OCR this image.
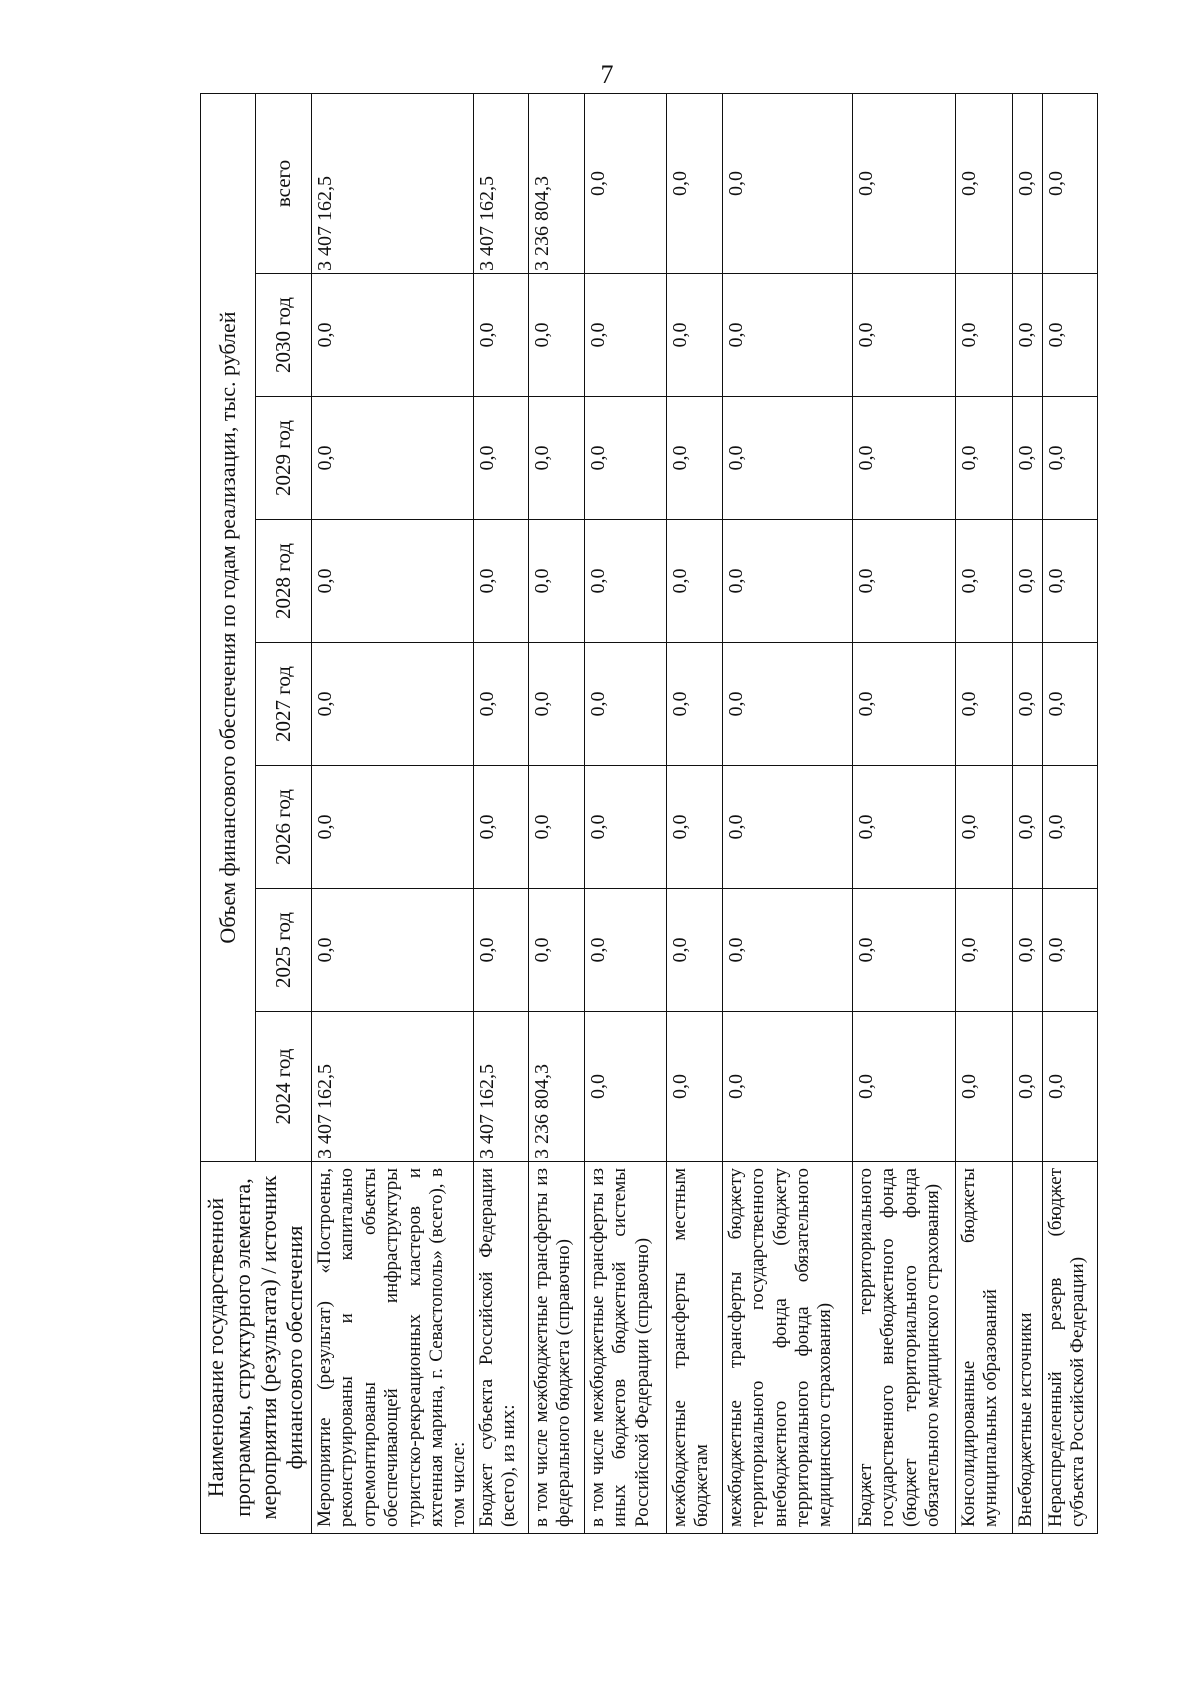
7
Наименование государственной программы, структурного элемента, мероприятия (результата) / источник финансового обеспечения	Объем финансового обеспечения по годам реализации, тыс. рублей							
	2024 год	2025 год	2026 год	2027 год	2028 год	2029 год	2030 год	всего
Мероприятие (результат) «Построены, реконструированы и капитально отремонтированы объекты обеспечивающей инфраструктуры туристско-рекреационных кластеров и яхтенная марина, г. Севастополь» (всего), в том числе:	3 407 162,5	0,0	0,0	0,0	0,0	0,0	0,0	3 407 162,5
Бюджет субъекта Российской Федерации (всего), из них:	3 407 162,5	0,0	0,0	0,0	0,0	0,0	0,0	3 407 162,5
в том числе межбюджетные трансферты из федерального бюджета (справочно)	3 236 804,3	0,0	0,0	0,0	0,0	0,0	0,0	3 236 804,3
в том числе межбюджетные трансферты из иных бюджетов бюджетной системы Российской Федерации (справочно)	0,0	0,0	0,0	0,0	0,0	0,0	0,0	0,0
межбюджетные трансферты местным бюджетам	0,0	0,0	0,0	0,0	0,0	0,0	0,0	0,0
межбюджетные трансферты бюджету территориального государственного внебюджетного фонда (бюджету территориального фонда обязательного медицинского страхования)	0,0	0,0	0,0	0,0	0,0	0,0	0,0	0,0
Бюджет территориального государственного внебюджетного фонда (бюджет территориального фонда обязательного медицинского страхования)	0,0	0,0	0,0	0,0	0,0	0,0	0,0	0,0
Консолидированные бюджеты муниципальных образований	0,0	0,0	0,0	0,0	0,0	0,0	0,0	0,0
Внебюджетные источники	0,0	0,0	0,0	0,0	0,0	0,0	0,0	0,0
Нераспределенный резерв (бюджет субъекта Российской Федерации)	0,0	0,0	0,0	0,0	0,0	0,0	0,0	0,0
